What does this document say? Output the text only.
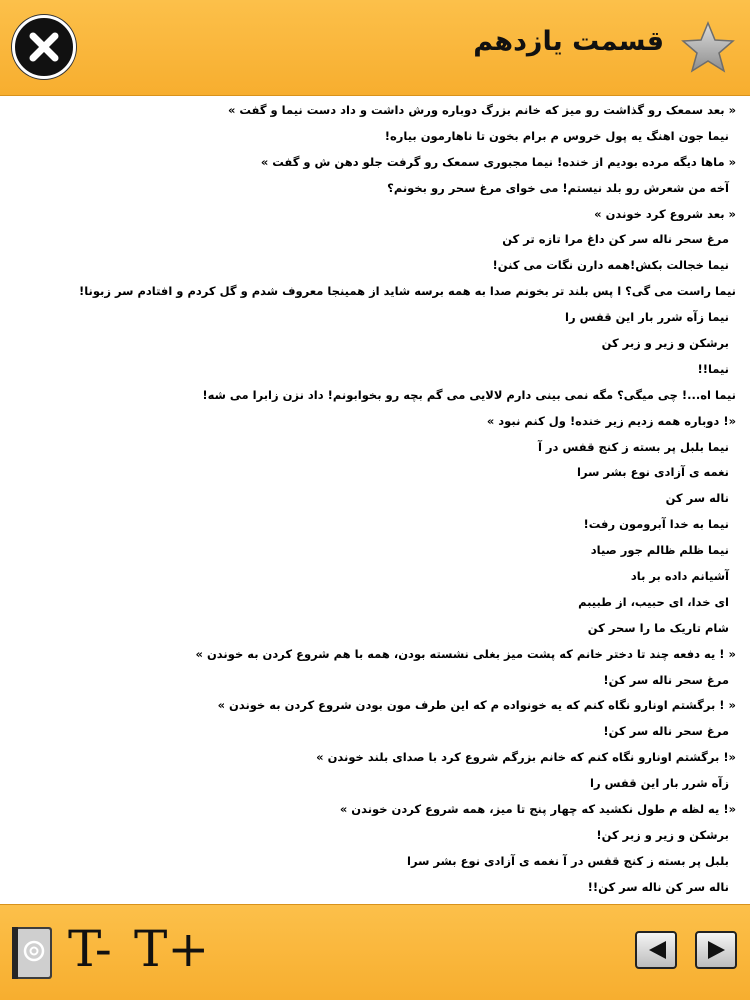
قسمت یازدهم
« بعد سمعک رو گذاشت رو میز که خانم بزرگ دوباره ورش داشت و داد دست نیما و گفت »
نیما جون اهنگ یه پول خروس م برام بخون تا ناهارمون بیاره!
« ماها دیگه مرده بودیم از خنده! نیما مجبوری سمعک رو گرفت جلو دهن ش و گفت »
آخه من شعرش رو بلد نیستم! می خوای مرغ سحر رو بخونم؟
« بعد شروع کرد خوندن »
مرغ سحر ناله سر کن داغ مرا تازه تر کن
نیما خجالت بکش!همه دارن نگات می کنن!
نیما راست می گی؟ ا پس بلند تر بخونم صدا به همه برسه شاید از همینجا معروف شدم و گل کردم و افتادم سر زبونا!
نیما زآه شرر بار این قفس را
برشکن و زیر و زبر کن
نیما!!
نیما اه...! چی میگی؟ مگه نمی بینی دارم لالایی می گم بچه رو بخوابونم! داد نزن زابرا می شه!
«! دوباره همه زدیم زیر خنده! ول کنم نبود »
نیما بلبل پر بسته ز کنج قفس در آ
نغمه ی آزادی نوع بشر سرا
ناله سر کن
نیما به خدا آبرومون رفت!
نیما ظلم ظالم جور صیاد
آشیانم داده بر باد
ای خدا، ای حبیب، از طبیبم
شام تاریک ما را سحر کن
« ! یه دفعه چند تا دختر خانم که پشت میز بغلی نشسته بودن، همه با هم شروع کردن به خوندن »
مرغ سحر ناله سر کن!
« ! برگشتم اونارو نگاه کنم که یه خونواده م که این طرف مون بودن شروع کردن به خوندن »
مرغ سحر ناله سر کن!
«! برگشتم اونارو نگاه کنم که خانم بزرگم شروع کرد با صدای بلند خوندن »
زآه شرر بار این قفس را
«! یه لظه م طول نکشید که چهار پنج تا میز، همه شروع کردن خوندن »
برشکن و زیر و زبر کن!
بلبل پر بسته ز کنج قفس در آ نغمه ی آزادی نوع بشر سرا
ناله سر کن ناله سر کن!!
T- T+
